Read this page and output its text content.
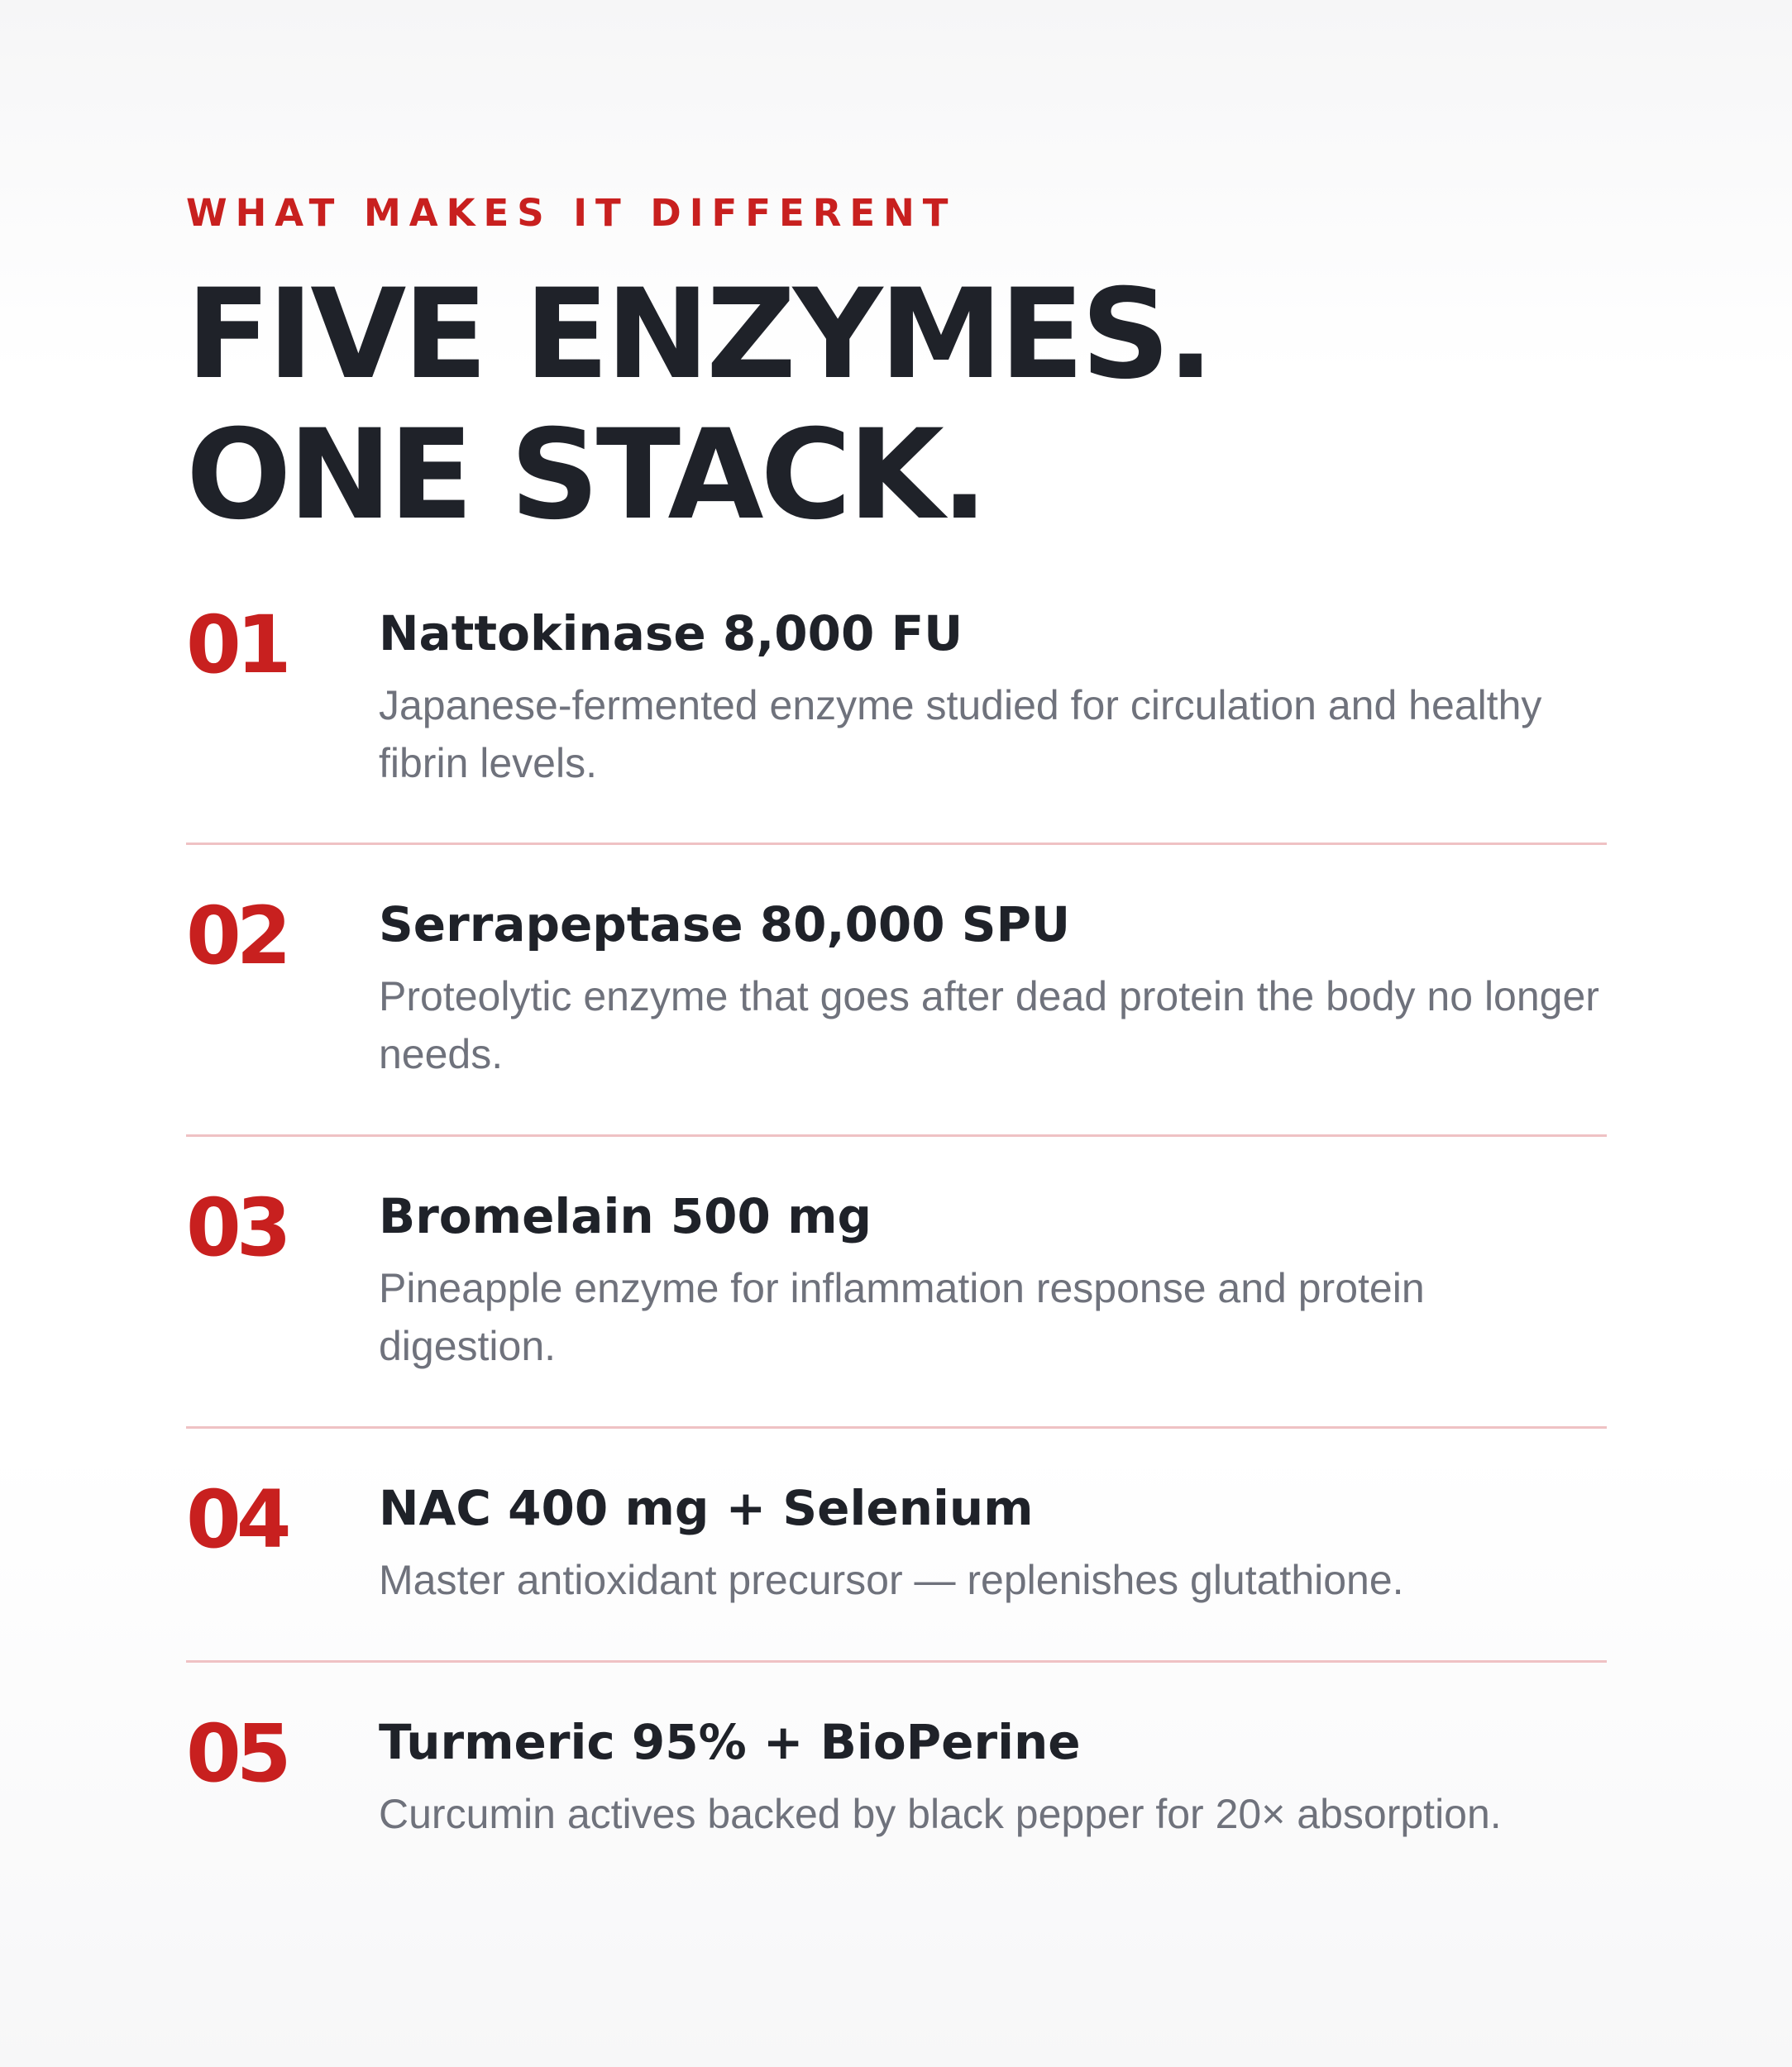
WHAT MAKES IT DIFFERENT

FIVE ENZYMES.
ONE STACK.
01 Nattokinase 8,000 FU

Japanese-fermented enzyme studied for circulation and healthy fibrin levels.

02 Serrapeptase 80,000 SPU

Proteolytic enzyme that goes after dead protein the body no longer needs.

03 Bromelain 500 mg

Pineapple enzyme for inflammation response and protein digestion.

04 NAC 400 mg + Selenium

Master antioxidant precursor — replenishes glutathione.

05 Turmeric 95% + BioPerine

Curcumin actives backed by black pepper for 20× absorption.
